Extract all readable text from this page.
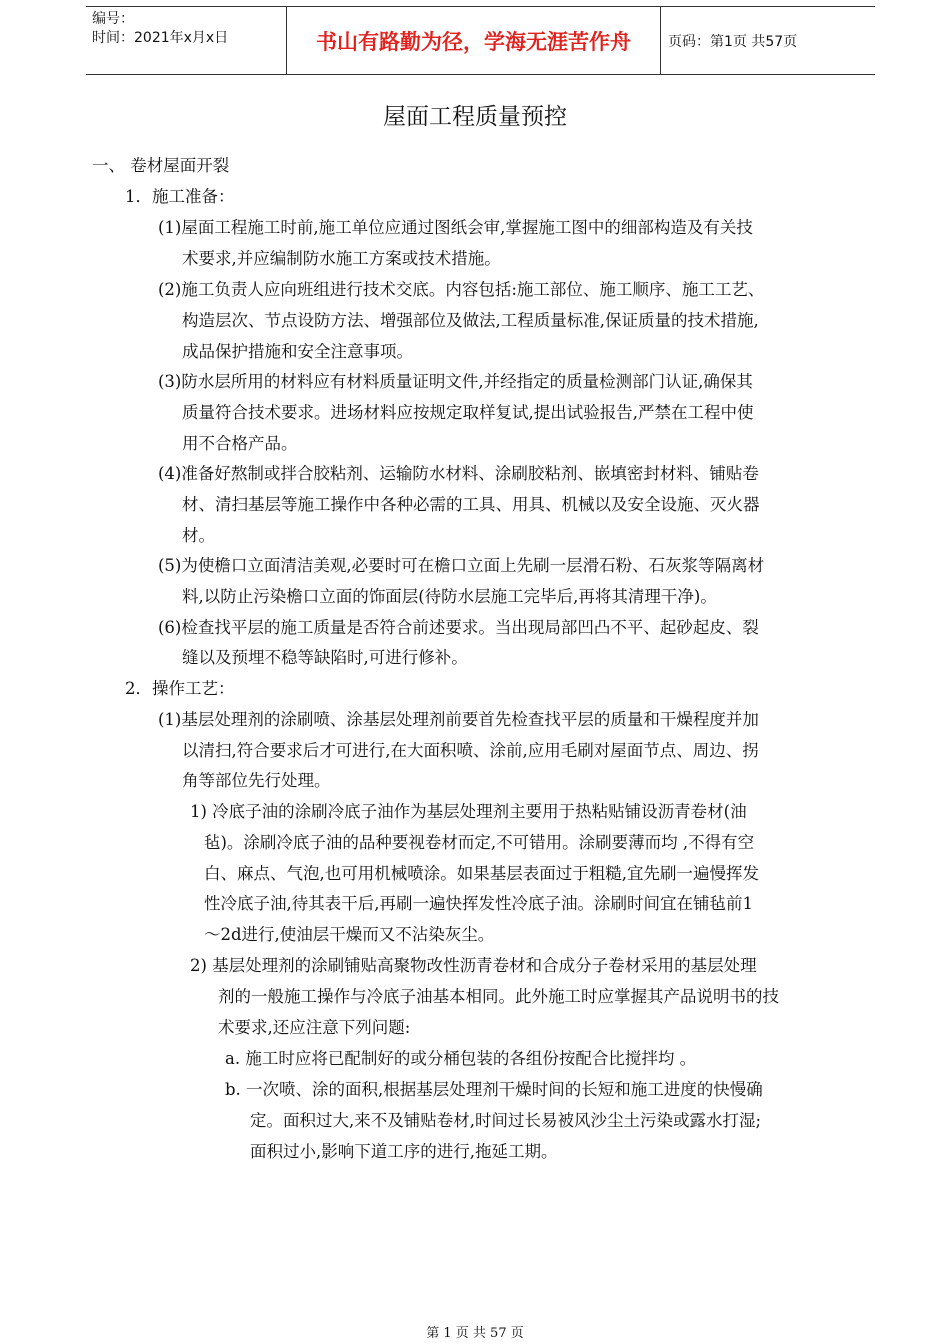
编号：
时间：2021年x月x日	书山有路勤为径，学海无涯苦作舟	页码：第1页 共57页
屋面工程质量预控
一、 卷材屋面开裂
1．施工准备：
(1)屋面工程施工时前,施工单位应通过图纸会审,掌握施工图中的细部构造及有关技
术要求,并应编制防水施工方案或技术措施。
(2)施工负责人应向班组进行技术交底。内容包括:施工部位、施工顺序、施工工艺、
构造层次、节点设防方法、增强部位及做法,工程质量标准,保证质量的技术措施,
成品保护措施和安全注意事项。
(3)防水层所用的材料应有材料质量证明文件,并经指定的质量检测部门认证,确保其
质量符合技术要求。进场材料应按规定取样复试,提出试验报告,严禁在工程中使
用不合格产品。
(4)准备好熬制或拌合胶粘剂、运输防水材料、涂刷胶粘剂、嵌填密封材料、铺贴卷
材、清扫基层等施工操作中各种必需的工具、用具、机械以及安全设施、灭火器
材。
(5)为使檐口立面清洁美观,必要时可在檐口立面上先刷一层滑石粉、石灰浆等隔离材
料,以防止污染檐口立面的饰面层(待防水层施工完毕后,再将其清理干净)。
(6)检查找平层的施工质量是否符合前述要求。当出现局部凹凸不平、起砂起皮、裂
缝以及预埋不稳等缺陷时,可进行修补。
2．操作工艺：
(1)基层处理剂的涂刷喷、涂基层处理剂前要首先检查找平层的质量和干燥程度并加
以清扫,符合要求后才可进行,在大面积喷、涂前,应用毛刷对屋面节点、周边、拐
角等部位先行处理。
1) 冷底子油的涂刷冷底子油作为基层处理剂主要用于热粘贴铺设沥青卷材(油
毡)。涂刷冷底子油的品种要视卷材而定,不可错用。涂刷要薄而均 ,不得有空
白、麻点、气泡,也可用机械喷涂。如果基层表面过于粗糙,宜先刷一遍慢挥发
性冷底子油,待其表干后,再刷一遍快挥发性冷底子油。涂刷时间宜在铺毡前1
～2d进行,使油层干燥而又不沾染灰尘。
2) 基层处理剂的涂刷铺贴高聚物改性沥青卷材和合成分子卷材采用的基层处理
剂的一般施工操作与冷底子油基本相同。此外施工时应掌握其产品说明书的技
术要求,还应注意下列问题:
a. 施工时应将已配制好的或分桶包装的各组份按配合比搅拌均 。
b. 一次喷、涂的面积,根据基层处理剂干燥时间的长短和施工进度的快慢确
定。面积过大,来不及铺贴卷材,时间过长易被风沙尘土污染或露水打湿;
面积过小,影响下道工序的进行,拖延工期。
第 1 页 共 57 页
